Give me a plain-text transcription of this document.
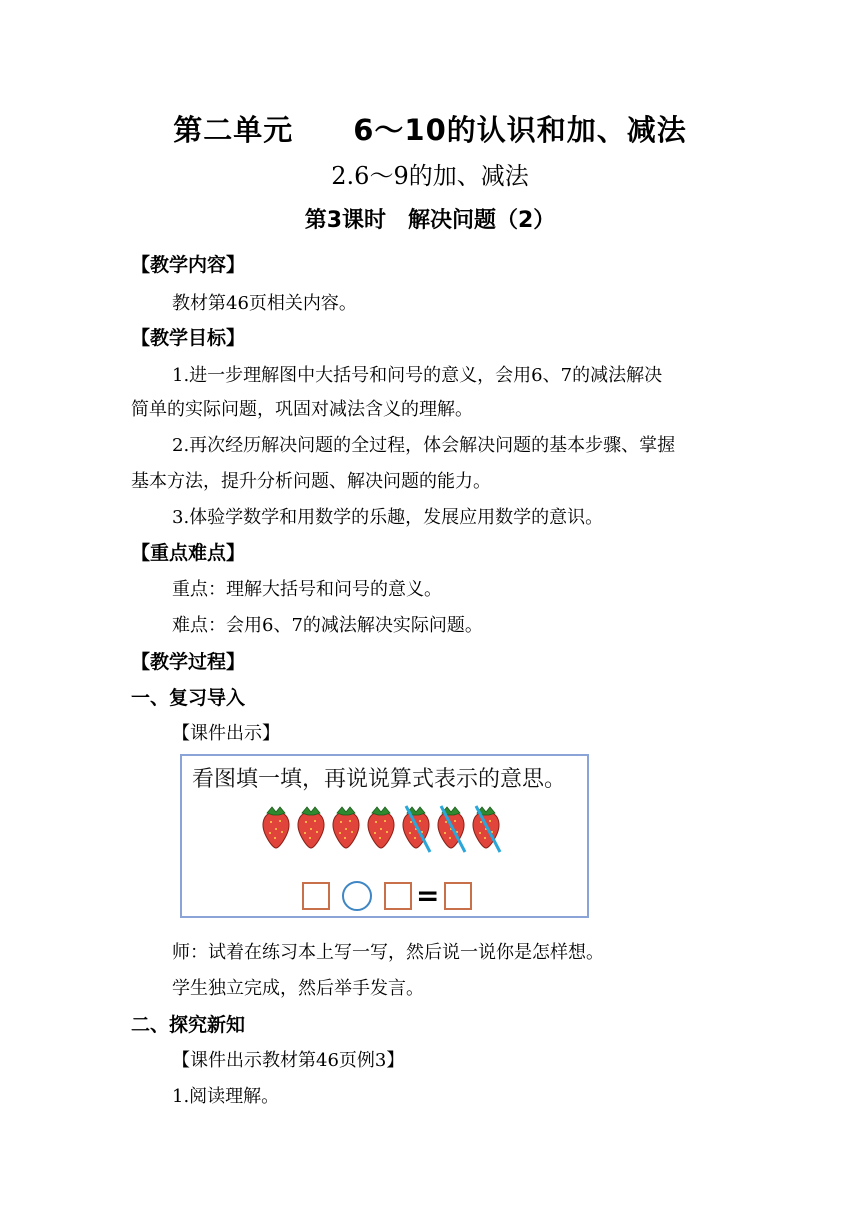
第二单元　　6～10的认识和加、减法
2.6～9的加、减法
第3课时　解决问题（2）
【教学内容】
教材第46页相关内容。
【教学目标】
1.进一步理解图中大括号和问号的意义，会用6、7的减法解决
简单的实际问题，巩固对减法含义的理解。
2.再次经历解决问题的全过程，体会解决问题的基本步骤、掌握
基本方法，提升分析问题、解决问题的能力。
3.体验学数学和用数学的乐趣，发展应用数学的意识。
【重点难点】
重点：理解大括号和问号的意义。
难点：会用6、7的减法解决实际问题。
【教学过程】
一、复习导入
【课件出示】
看图填一填，再说说算式表示的意思。
=
师：试着在练习本上写一写，然后说一说你是怎样想。
学生独立完成，然后举手发言。
二、探究新知
【课件出示教材第46页例3】
1.阅读理解。
